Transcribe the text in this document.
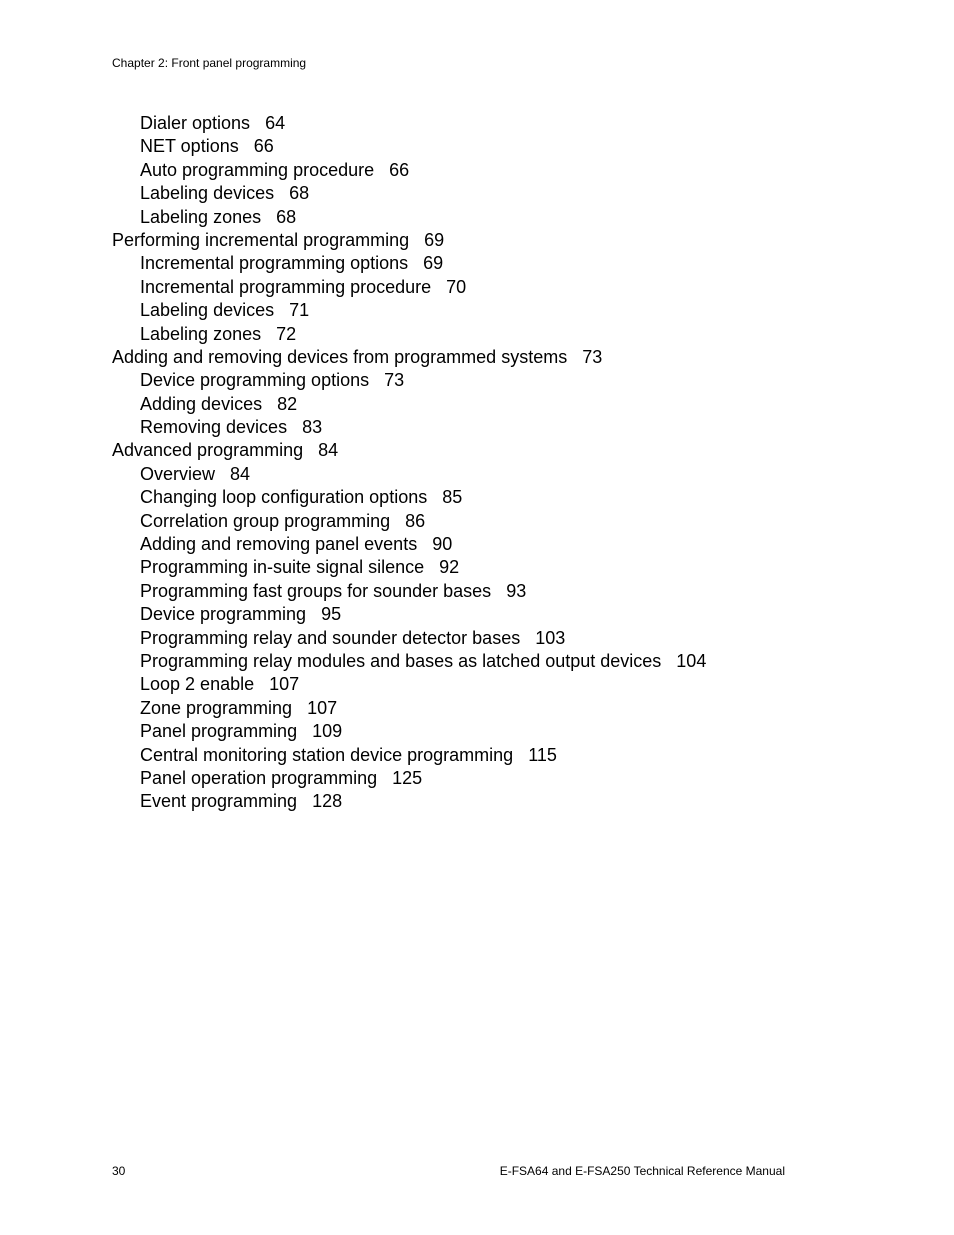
Chapter 2: Front panel programming
Dialer options 64
NET options 66
Auto programming procedure 66
Labeling devices 68
Labeling zones 68
Performing incremental programming 69
Incremental programming options 69
Incremental programming procedure 70
Labeling devices 71
Labeling zones 72
Adding and removing devices from programmed systems 73
Device programming options 73
Adding devices 82
Removing devices 83
Advanced programming 84
Overview 84
Changing loop configuration options 85
Correlation group programming 86
Adding and removing panel events 90
Programming in-suite signal silence 92
Programming fast groups for sounder bases 93
Device programming 95
Programming relay and sounder detector bases 103
Programming relay modules and bases as latched output devices 104
Loop 2 enable 107
Zone programming 107
Panel programming 109
Central monitoring station device programming 115
Panel operation programming 125
Event programming 128
30	E-FSA64 and E-FSA250 Technical Reference Manual
